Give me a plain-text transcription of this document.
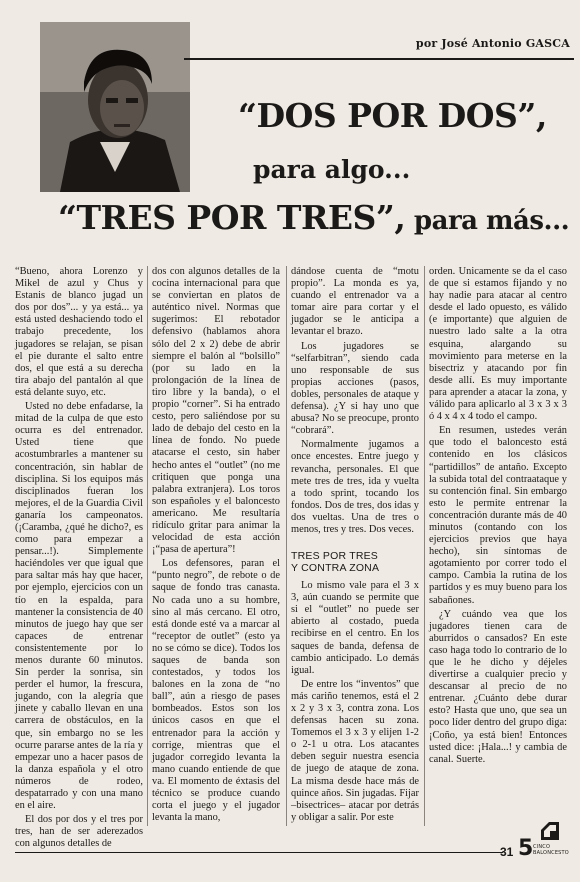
por José Antonio GASCA
“DOS POR DOS”,
para algo...
“TRES POR TRES”, para más...

“Bueno, ahora Lorenzo y Mikel de azul y Chus y Estanis de blanco jugad un dos por dos”... y ya está... ya está usted deshaciendo todo el trabajo precedente, los jugadores se relajan, se pisan el pie durante el salto entre dos, el que está a su derecha tira abajo del pantalón al que está delante suyo, etc.

Usted no debe enfadarse, la mitad de la culpa de que esto ocurra es del entrenador. Usted tiene que acostumbrarles a mantener su concentración, sin hablar de disciplina. Si los equipos más disciplinados fueran los mejores, el de la Guardia Civil ganaría los campeonatos. (¡Caramba, ¿qué he dicho?, es como para empezar a pensar...!). Simplemente haciéndoles ver que igual que para saltar más hay que hacer, por ejemplo, ejercicios con un tío en la espalda, para mantener la consistencia de 40 minutos de juego hay que ser capaces de entrenar consistentemente por lo menos durante 60 minutos. Sin perder la sonrisa, sin perder el humor, la frescura, jugando, con la alegría que jinete y caballo llevan en una carrera de obstáculos, en la que, sin embargo no se les ocurre pararse antes de la ría y empezar uno a hacer pasos de la danza española y el otro números de rodeo, despatarrado y con una mano en el aire.

El dos por dos y el tres por tres, han de ser aderezados con algunos detalles de

dos con algunos detalles de la cocina internacional para que se conviertan en platos de auténtico nivel. Normas que sugerimos: El rebotador defensivo (hablamos ahora sólo del 2 x 2) debe de abrir siempre el balón al “bolsillo” (por su lado en la prolongación de la línea de tiro libre y la banda), o el propio “corner”. Si ha entrado cesto, pero saliéndose por su lado de debajo del cesto en la línea de fondo. No puede atacarse el cesto, sin haber hecho antes el “outlet” (no me critiquen que ponga una palabra extranjera). Los toros son españoles y el baloncesto americano. Me resultaría ridículo gritar para animar la velocidad de esta acción ¡“pasa de apertura”!

Los defensores, paran el “punto negro”, de rebote o de saque de fondo tras canasta. No cada uno a su hombre, sino al más cercano. El otro, está donde esté va a marcar al “receptor de outlet” (esto ya no se cómo se dice). Todos los saques de banda son contestados, y todos los balones en la zona de “no ball”, aún a riesgo de pases bombeados. Estos son los únicos casos en que el entrenador para la acción y corrige, mientras que el jugador corregido levanta la mano cuando entiende de que va. El momento de éxtasis del técnico se produce cuando corta el juego y el jugador levanta la mano,

dándose cuenta de “motu propio”. La monda es ya, cuando el entrenador va a tomar aire para cortar y el jugador se le anticipa a levantar el brazo.

Los jugadores se “selfarbitran”, siendo cada uno responsable de sus propias acciones (pasos, dobles, personales de ataque y defensa). ¿Y si hay uno que abusa? No se preocupe, pronto “cobrará”.

Normalmente jugamos a once encestes. Entre juego y revancha, personales. El que mete tres de tres, ida y vuelta a todo sprint, tocando los fondos. Dos de tres, dos idas y dos vueltas. Una de tres o menos, tres y tres. Dos veces.

TRES POR TRES
Y CONTRA ZONA

Lo mismo vale para el 3 x 3, aún cuando se permite que si el “outlet” no puede ser abierto al costado, pueda recibirse en el centro. En los saques de banda, defensa de cambio anticipado. Lo demás igual.

De entre los “inventos” que más cariño tenemos, está el 2 x 2 y 3 x 3, contra zona. Los defensas hacen su zona. Tomemos el 3 x 3 y elijen 1-2 o 2-1 u otra. Los atacantes deben seguir nuestra esencia de juego de ataque de zona. La misma desde hace más de quince años. Sin jugadas. Fijar –bisectrices– atacar por detrás y obligar a salir. Por este

orden. Unicamente se da el caso de que si estamos fijando y no hay nadie para atacar al centro desde el lado opuesto, es válido (e importante) que alguien de nuestro lado salte a la otra esquina, alargando su movimiento para meterse en la bisectriz y atacando por fin desde allí. Es muy importante para aprender a atacar la zona, y válido para aplicarlo al 3 x 3 x 3 ó 4 x 4 x 4 todo el campo.

En resumen, ustedes verán que todo el baloncesto está contenido en los clásicos “partidillos” de antaño. Excepto la subida total del contraataque y su contención final. Sin embargo esto le permite entrenar la concentración durante más de 40 minutos (contando con los ejercicios previos que haya hecho), sin síntomas de agotamiento por correr todo el campo. Cambia la rutina de los partidos y es muy bueno para los sabañones.

¿Y cuándo vea que los jugadores tienen cara de aburridos o cansados? En este caso haga todo lo contrario de lo que le he dicho y déjeles divertirse a cualquier precio y descansar al precio de no entrenar. ¿Cuánto debe durar esto? Hasta que uno, que sea un poco líder dentro del grupo diga: ¡Coño, ya está bien! Entonces usted dice: ¡Hala...! y cambia de canal. Suerte.

31 5 CINCO
BALONCESTO
